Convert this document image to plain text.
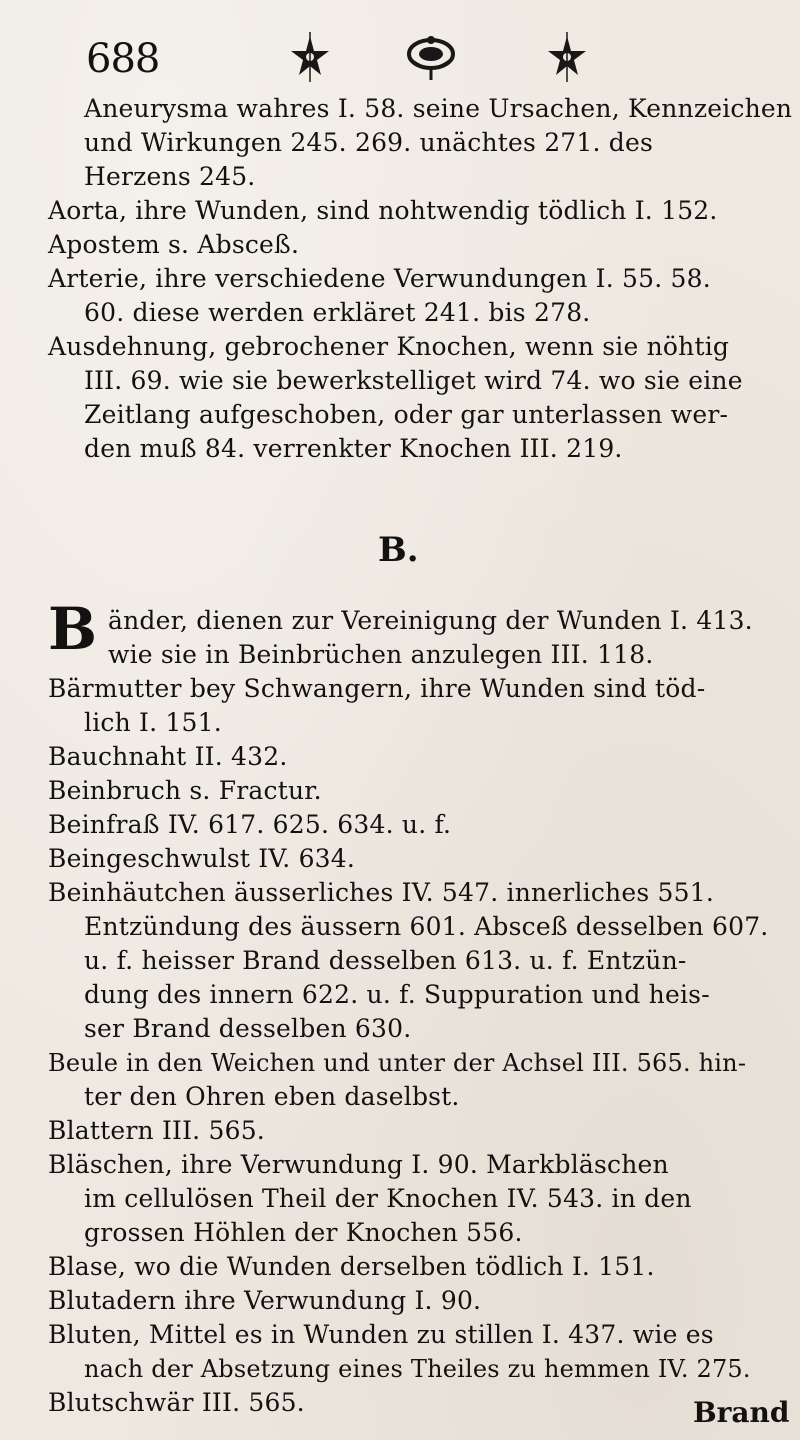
688
Aneurysma wahres I. 58. seine Ursachen, Kennzeichen
und Wirkungen 245. 269. unächtes 271. des
Herzens 245.
Aorta, ihre Wunden, sind nohtwendig tödlich I. 152.
Apostem s. Absceß.
Arterie, ihre verschiedene Verwundungen I. 55. 58.
60. diese werden erkläret 241. bis 278.
Ausdehnung, gebrochener Knochen, wenn sie nöhtig
III. 69. wie sie bewerkstelliget wird 74. wo sie eine
Zeitlang aufgeschoben, oder gar unterlassen wer-
den muß 84. verrenkter Knochen III. 219.
B.
B änder, dienen zur Vereinigung der Wunden I. 413.
wie sie in Beinbrüchen anzulegen III. 118.
Bärmutter bey Schwangern, ihre Wunden sind töd-
lich I. 151.
Bauchnaht II. 432.
Beinbruch s. Fractur.
Beinfraß IV. 617. 625. 634. u. f.
Beingeschwulst IV. 634.
Beinhäutchen äusserliches IV. 547. innerliches 551.
Entzündung des äussern 601. Absceß desselben 607.
u. f. heisser Brand desselben 613. u. f. Entzün-
dung des innern 622. u. f. Suppuration und heis-
ser Brand desselben 630.
Beule in den Weichen und unter der Achsel III. 565. hin-
ter den Ohren eben daselbst.
Blattern III. 565.
Bläschen, ihre Verwundung I. 90. Markbläschen
im cellulösen Theil der Knochen IV. 543. in den
grossen Höhlen der Knochen 556.
Blase, wo die Wunden derselben tödlich I. 151.
Blutadern ihre Verwundung I. 90.
Bluten, Mittel es in Wunden zu stillen I. 437. wie es
nach der Absetzung eines Theiles zu hemmen IV. 275.
Blutschwär III. 565.	Brand
